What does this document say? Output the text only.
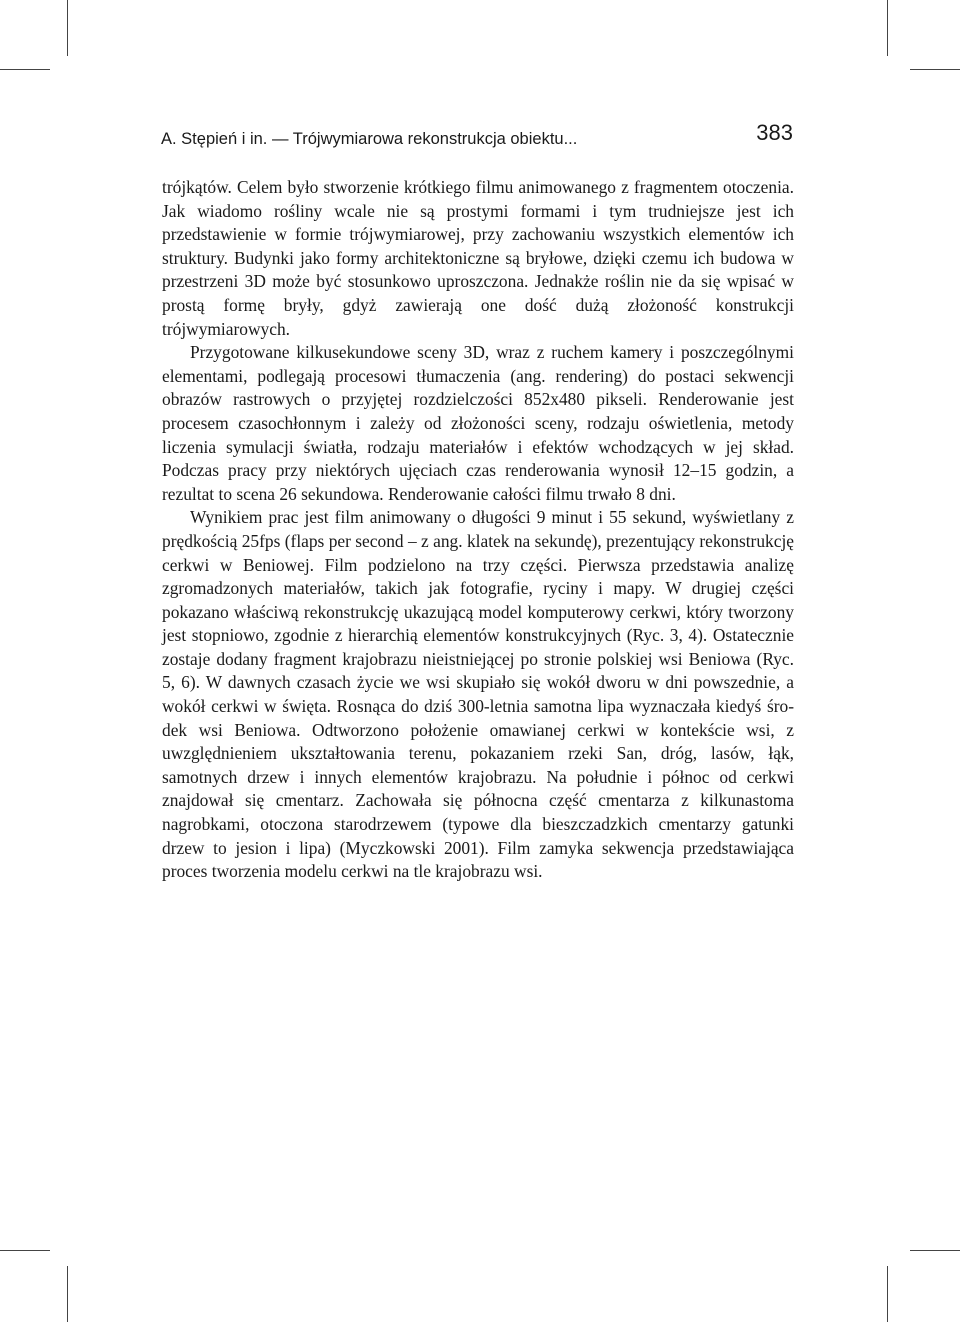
A. Stępień i in. — Trójwymiarowa rekonstrukcja obiektu...	383

trójkątów. Celem było stworzenie krótkiego filmu animowanego z fragmentem otoczenia. Jak wiadomo rośliny wcale nie są prostymi formami i tym trudniejsze jest ich przedstawienie w formie trójwymiarowej, przy zachowaniu wszystkich elementów ich struktury. Budynki jako formy architektoniczne są bryłowe, dzięki czemu ich budowa w przestrzeni 3D może być stosunkowo uproszczona. Jednakże roślin nie da się wpisać w prostą formę bryły, gdyż zawierają one dość dużą złożoność konstrukcji trójwymiarowych.

Przygotowane kilkusekundowe sceny 3D, wraz z ruchem kamery i poszczególnymi elementami, podlegają procesowi tłumaczenia (ang. rendering) do postaci sekwencji obrazów rastrowych o przyjętej rozdzielczości 852x480 pikseli. Renderowanie jest procesem czasochłonnym i zależy od złożoności sceny, rodzaju oświetlenia, metody liczenia symulacji światła, rodzaju materiałów i efektów wchodzących w jej skład. Podczas pracy przy niektórych ujęciach czas renderowania wynosił 12–15 godzin, a rezultat to scena 26 sekundowa. Renderowanie całości filmu trwało 8 dni.

Wynikiem prac jest film animowany o długości 9 minut i 55 sekund, wyświetlany z prędkością 25fps (flaps per second – z ang. klatek na sekundę), prezentujący rekonstrukcję cerkwi w Beniowej. Film podzielono na trzy części. Pierwsza przedstawia analizę zgromadzonych materiałów, takich jak fotografie, ryciny i mapy. W drugiej części pokazano właściwą rekonstrukcję ukazującą model komputerowy cerkwi, który tworzony jest stopniowo, zgodnie z hierarchią elementów konstrukcyjnych (Ryc. 3, 4). Ostatecznie zostaje dodany fragment krajobrazu nieistniejącej po stronie polskiej wsi Beniowa (Ryc. 5, 6). W dawnych czasach życie we wsi skupiało się wokół dworu w dni powszednie, a wokół cerkwi w święta. Rosnąca do dziś 300-letnia samotna lipa wyznaczała kiedyś środek wsi Beniowa. Odtworzono położenie omawianej cerkwi w kontekście wsi, z uwzględnieniem ukształtowania terenu, pokazaniem rzeki San, dróg, lasów, łąk, samotnych drzew i innych elementów krajobrazu. Na południe i północ od cerkwi znajdował się cmentarz. Zachowała się północna część cmentarza z kilkunastoma nagrobkami, otoczona starodrzewem (typowe dla bieszczadzkich cmentarzy gatunki drzew to jesion i lipa) (Myczkowski 2001). Film zamyka sekwencja przedstawiająca proces tworzenia modelu cerkwi na tle krajobrazu wsi.
